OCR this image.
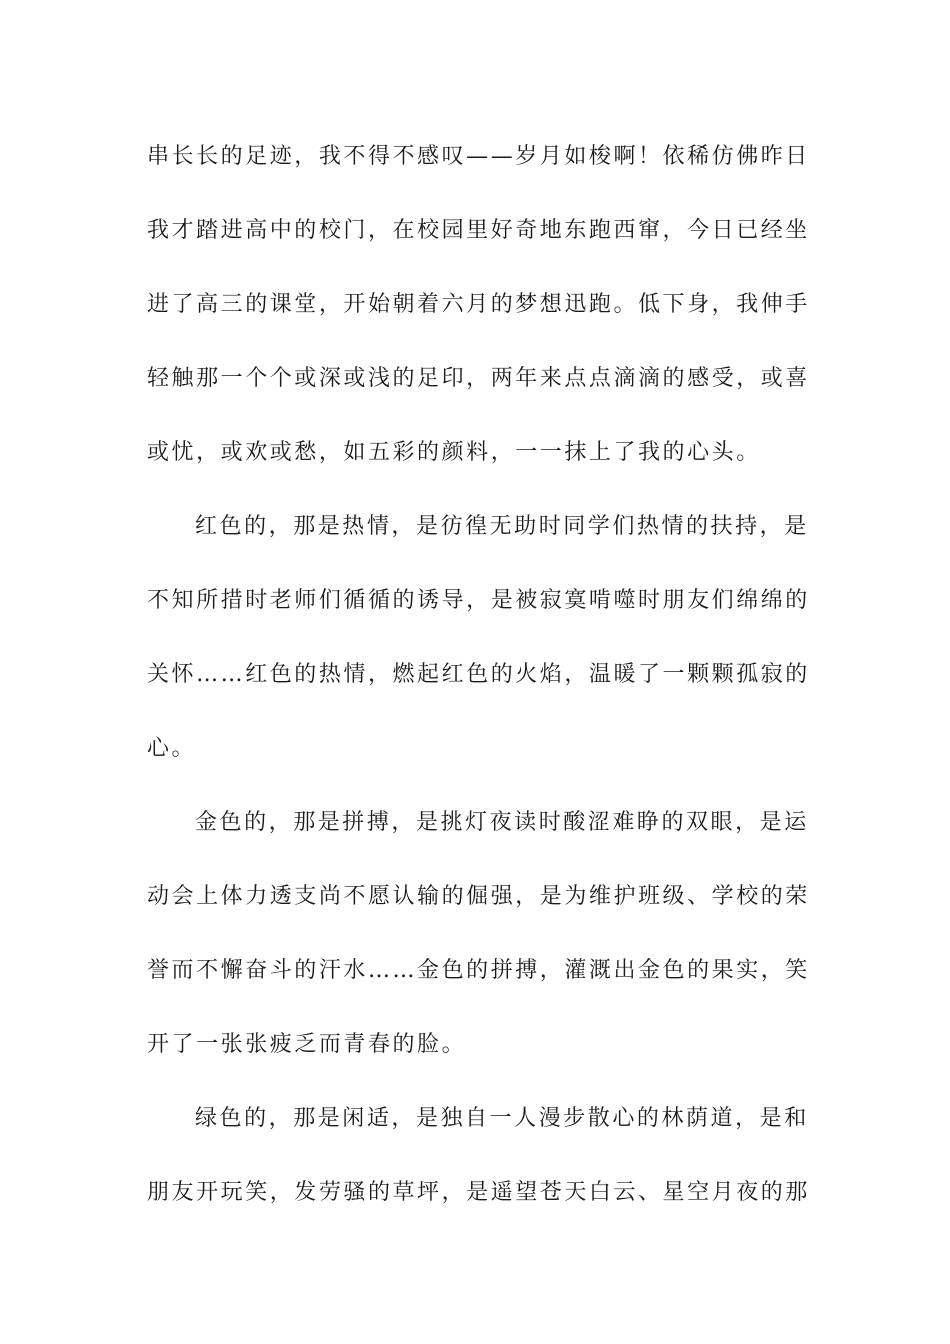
串长长的足迹，我不得不感叹——岁月如梭啊！依稀仿佛昨日
我才踏进高中的校门，在校园里好奇地东跑西窜，今日已经坐
进了高三的课堂，开始朝着六月的梦想迅跑。低下身，我伸手
轻触那一个个或深或浅的足印，两年来点点滴滴的感受，或喜
或忧，或欢或愁，如五彩的颜料，一一抹上了我的心头。
红色的，那是热情，是彷徨无助时同学们热情的扶持，是
不知所措时老师们循循的诱导，是被寂寞啃噬时朋友们绵绵的
关怀……红色的热情，燃起红色的火焰，温暖了一颗颗孤寂的
心。
金色的，那是拼搏，是挑灯夜读时酸涩难睁的双眼，是运
动会上体力透支尚不愿认输的倔强，是为维护班级、学校的荣
誉而不懈奋斗的汗水……金色的拼搏，灌溉出金色的果实，笑
开了一张张疲乏而青春的脸。
绿色的，那是闲适，是独自一人漫步散心的林荫道，是和
朋友开玩笑，发劳骚的草坪，是遥望苍天白云、星空月夜的那
